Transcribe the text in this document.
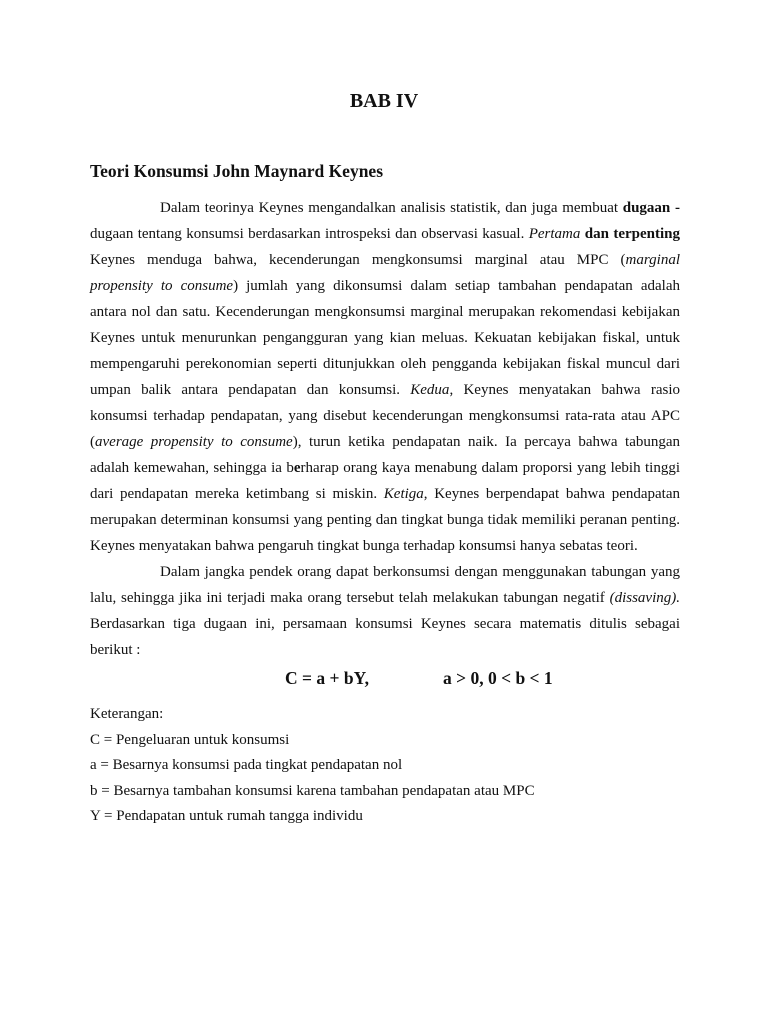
BAB IV
Teori Konsumsi John Maynard Keynes
Dalam teorinya Keynes mengandalkan analisis statistik, dan juga membuat dugaan -
dugaan tentang konsumsi berdasarkan introspeksi dan observasi kasual. Pertama dan terpenting
Keynes menduga bahwa, kecenderungan mengkonsumsi marginal atau MPC (marginal
propensity to consume) jumlah yang dikonsumsi dalam setiap tambahan pendapatan adalah
antara nol dan satu. Kecenderungan mengkonsumsi marginal merupakan rekomendasi kebijakan
Keynes untuk menurunkan pengangguran yang kian meluas. Kekuatan kebijakan fiskal, untuk
mempengaruhi perekonomian seperti ditunjukkan oleh pengganda kebijakan fiskal muncul dari
umpan balik antara pendapatan dan konsumsi. Kedua, Keynes menyatakan bahwa rasio
konsumsi terhadap pendapatan, yang disebut kecenderungan mengkonsumsi rata-rata atau APC
(average propensity to consume), turun ketika pendapatan naik. Ia percaya bahwa tabungan
adalah kemewahan, sehingga ia berharap orang kaya menabung dalam proporsi yang lebih tinggi
dari pendapatan mereka ketimbang si miskin. Ketiga, Keynes berpendapat bahwa pendapatan
merupakan determinan konsumsi yang penting dan tingkat bunga tidak memiliki peranan penting.
Keynes menyatakan bahwa pengaruh tingkat bunga terhadap konsumsi hanya sebatas teori.
Dalam jangka pendek orang dapat berkonsumsi dengan menggunakan tabungan yang
lalu, sehingga jika ini terjadi maka orang tersebut telah melakukan tabungan negatif (dissaving).
Berdasarkan tiga dugaan ini, persamaan konsumsi Keynes secara matematis ditulis sebagai
berikut :
C = a + bY,	a > 0, 0 < b < 1
Keterangan:
C = Pengeluaran untuk konsumsi
a = Besarnya konsumsi pada tingkat pendapatan nol
b = Besarnya tambahan konsumsi karena tambahan pendapatan atau MPC
Y = Pendapatan untuk rumah tangga individu
